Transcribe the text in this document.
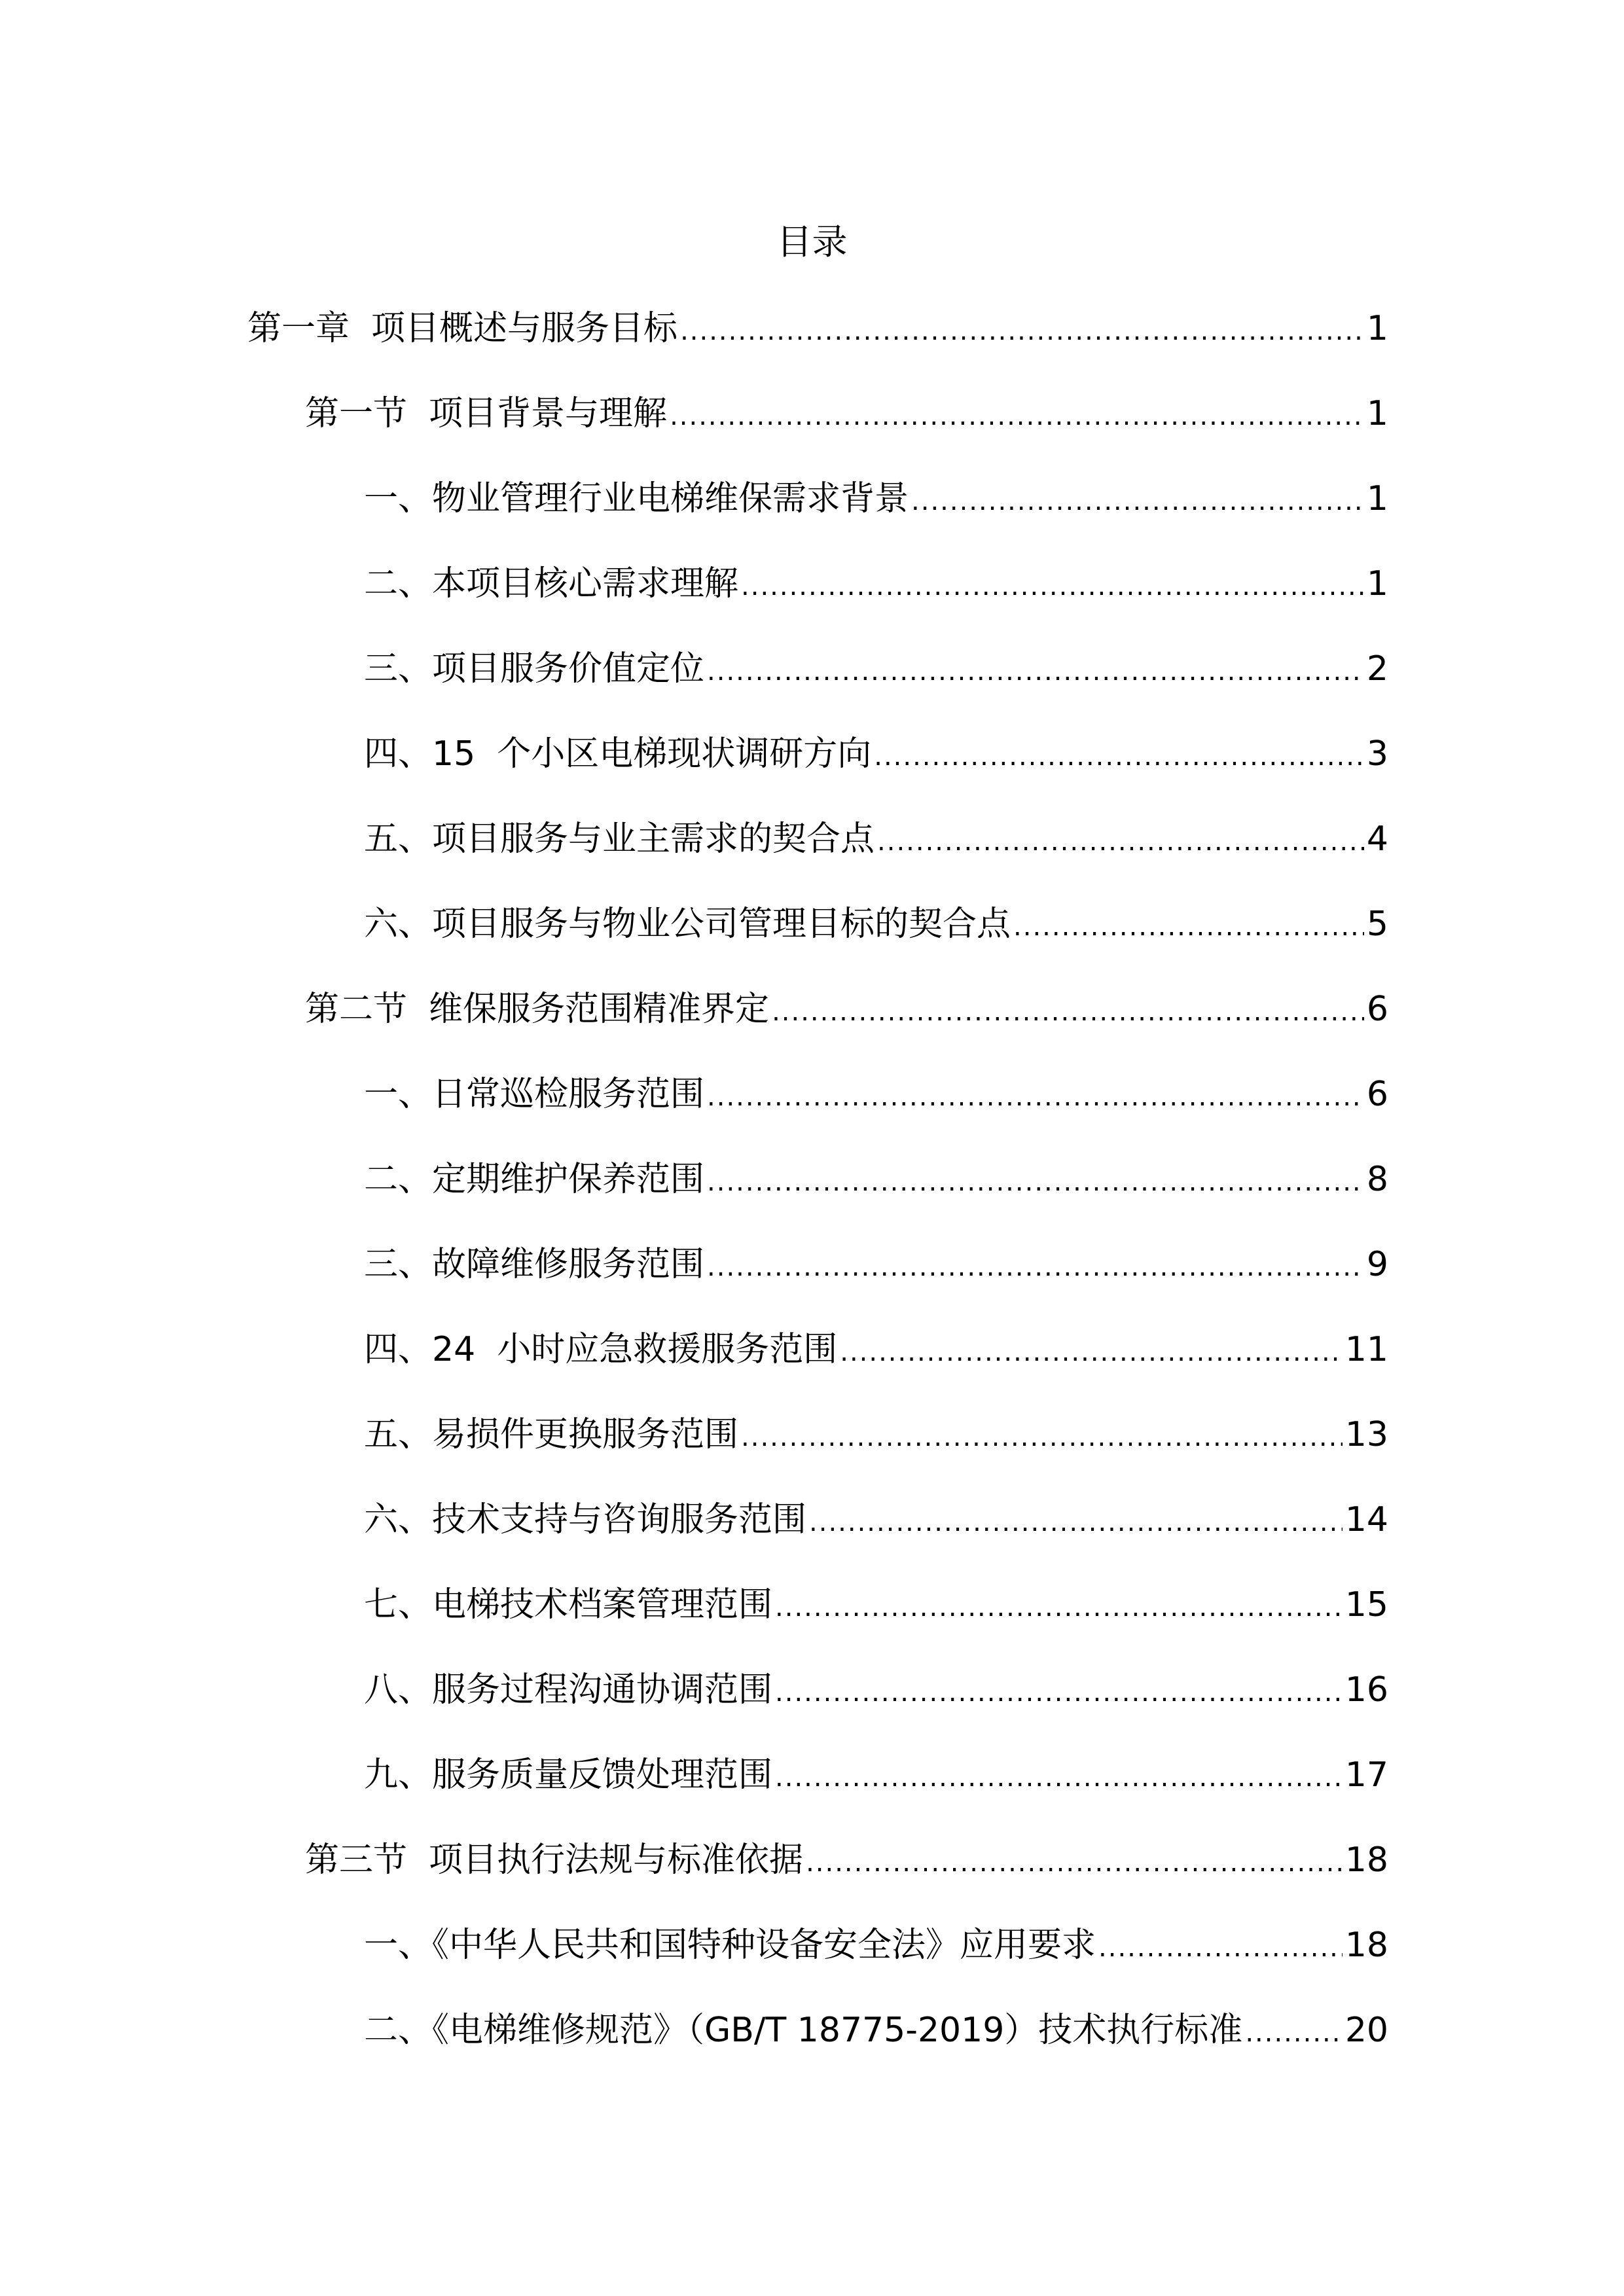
目录
第一章  项目概述与服务目标 .....	1
第一节  项目背景与理解 .....	1
一、物业管理行业电梯维保需求背景 .....	1
二、本项目核心需求理解 .....	1
三、项目服务价值定位 .....	2
四、15  个小区电梯现状调研方向 .....	3
五、项目服务与业主需求的契合点 .....	4
六、项目服务与物业公司管理目标的契合点 .....	5
第二节  维保服务范围精准界定 .....	6
一、日常巡检服务范围 .....	6
二、定期维护保养范围 .....	8
三、故障维修服务范围 .....	9
四、24  小时应急救援服务范围 .....	11
五、易损件更换服务范围 .....	13
六、技术支持与咨询服务范围 .....	14
七、电梯技术档案管理范围 .....	15
八、服务过程沟通协调范围 .....	16
九、服务质量反馈处理范围 .....	17
第三节  项目执行法规与标准依据 .....	18
一、《中华人民共和国特种设备安全法》应用要求 .....	18
二、《电梯维修规范》（GB/T 18775-2019）技术执行标准 .....	20
